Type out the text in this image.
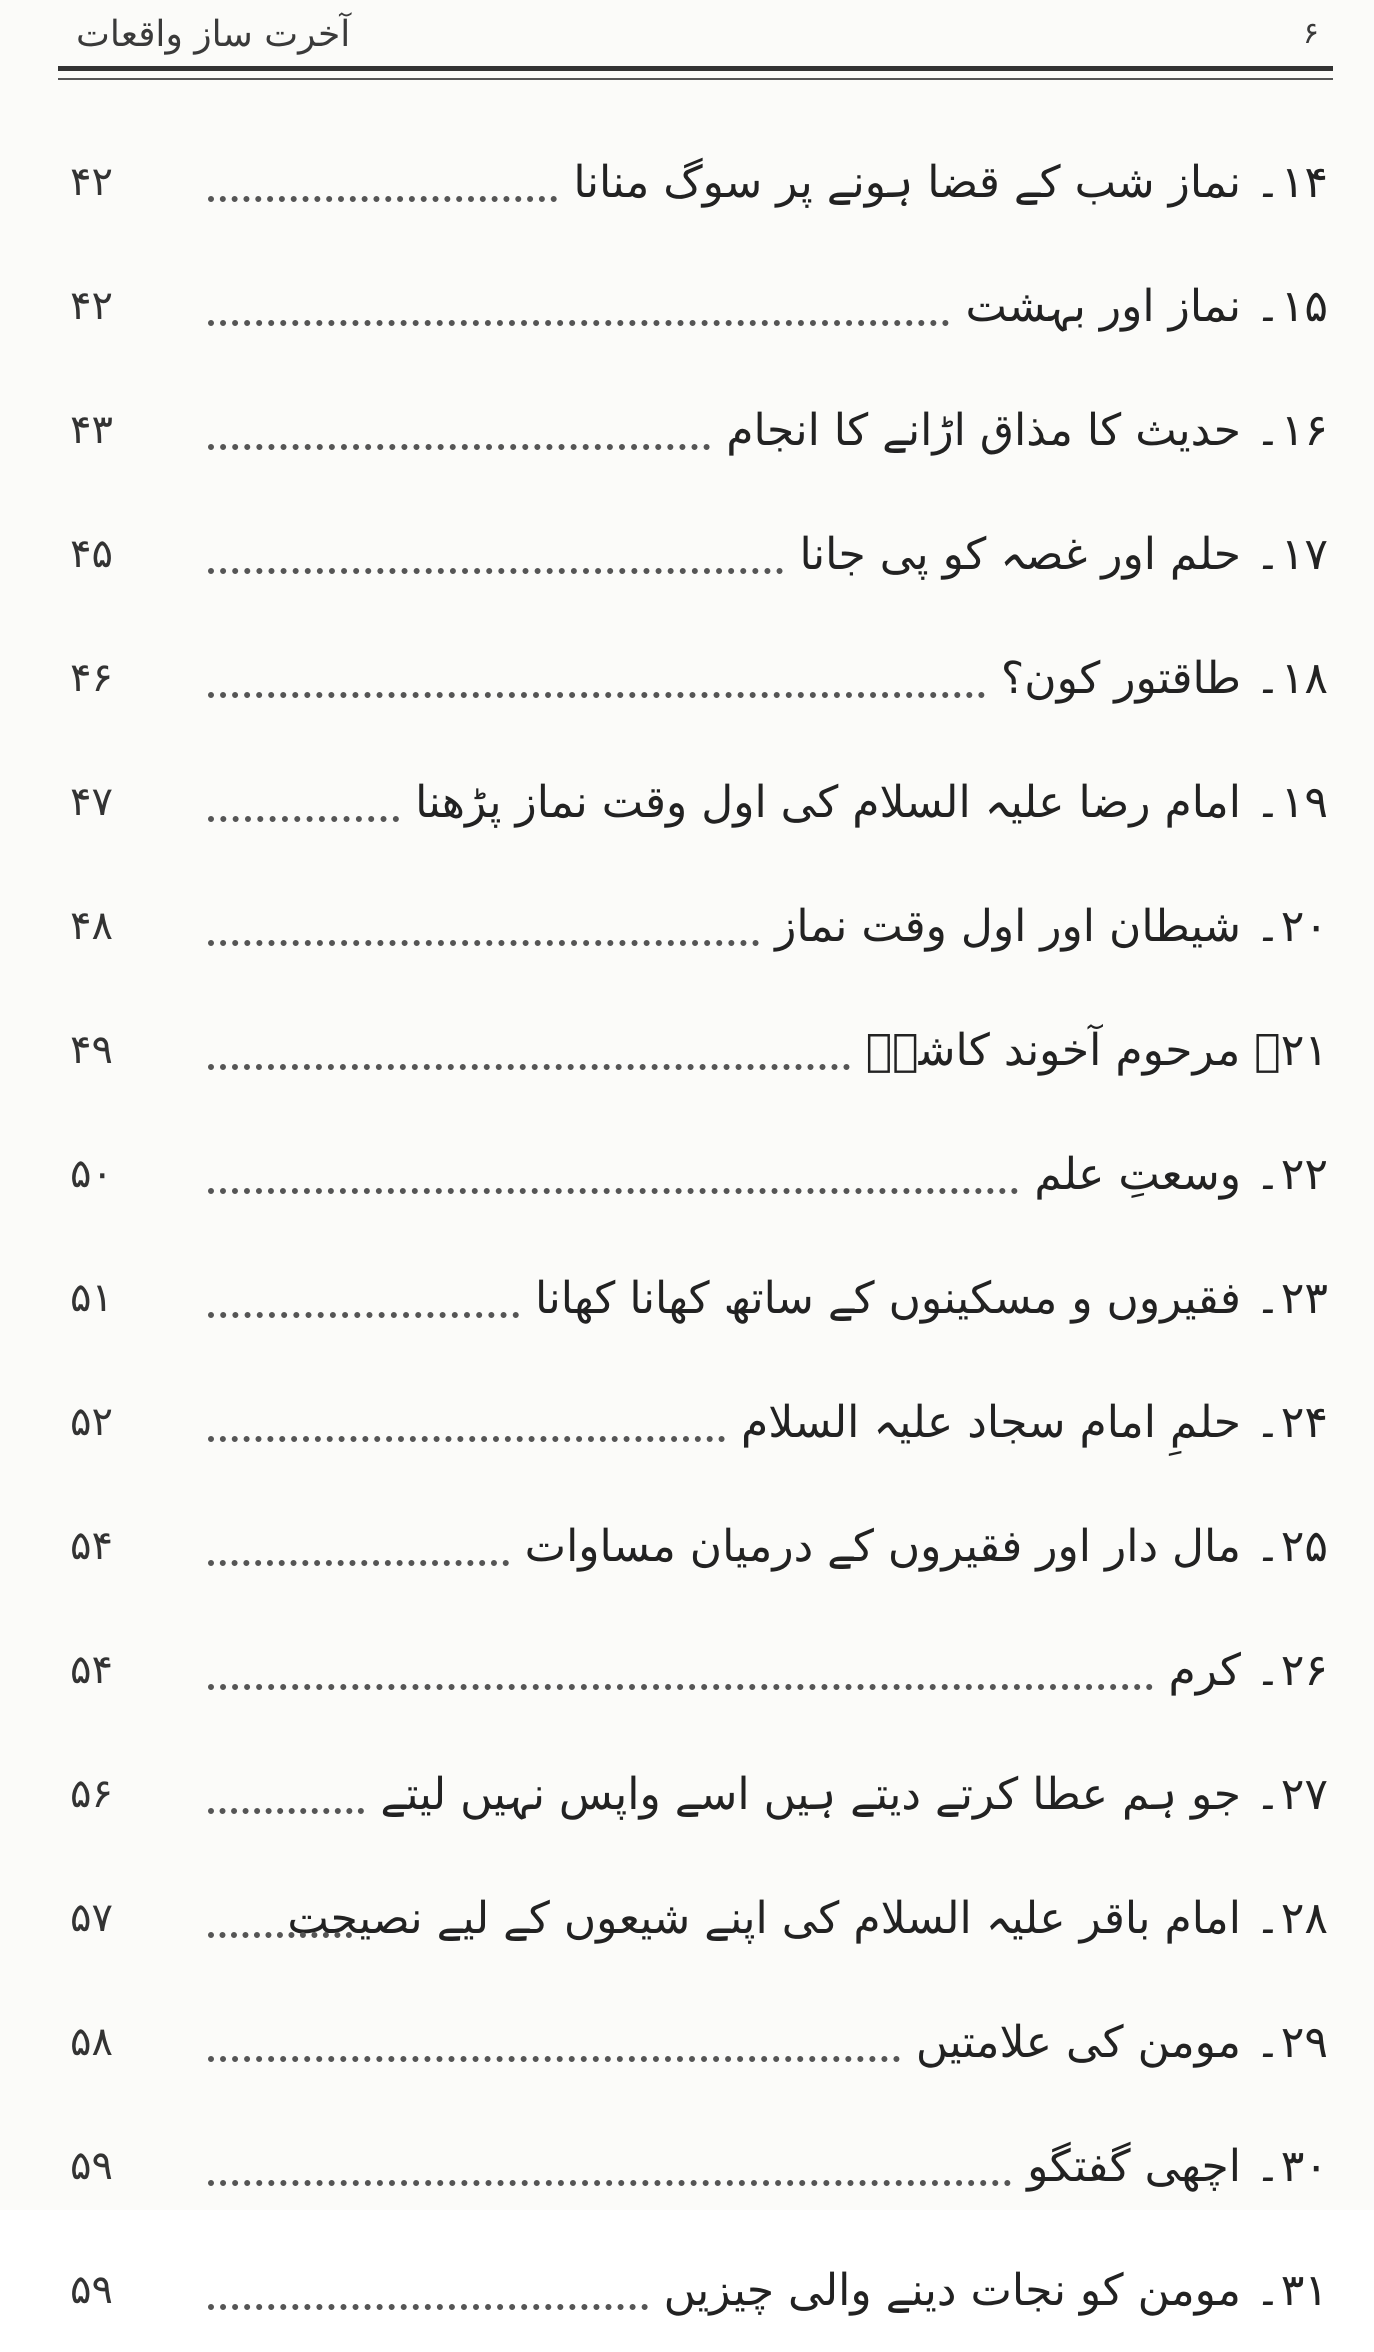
آخرت ساز واقعات	۶
۴۲	۱۴۔ نماز شب کے قضا ہونے پر سوگ منانا
۴۲	۱۵۔ نماز اور بہشت
۴۳	۱۶۔ حدیث کا مذاق اڑانے کا انجام
۴۵	۱۷۔ حلم اور غصہ کو پی جانا
۴۶	۱۸۔ طاقتور کون؟
۴۷	۱۹۔ امام رضا علیہ السلام کی اول وقت نماز پڑھنا
۴۸	۲۰۔ شیطان اور اول وقت نماز
۴۹	۲۱۔ مرحوم آخوند کاشیؒ
۵۰	۲۲۔ وسعتِ علم
۵۱	۲۳۔ فقیروں و مسکینوں کے ساتھ کھانا کھانا
۵۲	۲۴۔ حلمِ امام سجاد علیہ السلام
۵۴	۲۵۔ مال دار اور فقیروں کے درمیان مساوات
۵۴	۲۶۔ کرم
۵۶	۲۷۔ جو ہم عطا کرتے دیتے ہیں اسے واپس نہیں لیتے
۵۷	۲۸۔ امام باقر علیہ السلام کی اپنے شیعوں کے لیے نصیحت
۵۸	۲۹۔ مومن کی علامتیں
۵۹	۳۰۔ اچھی گفتگو
۵۹	۳۱۔ مومن کو نجات دینے والی چیزیں
